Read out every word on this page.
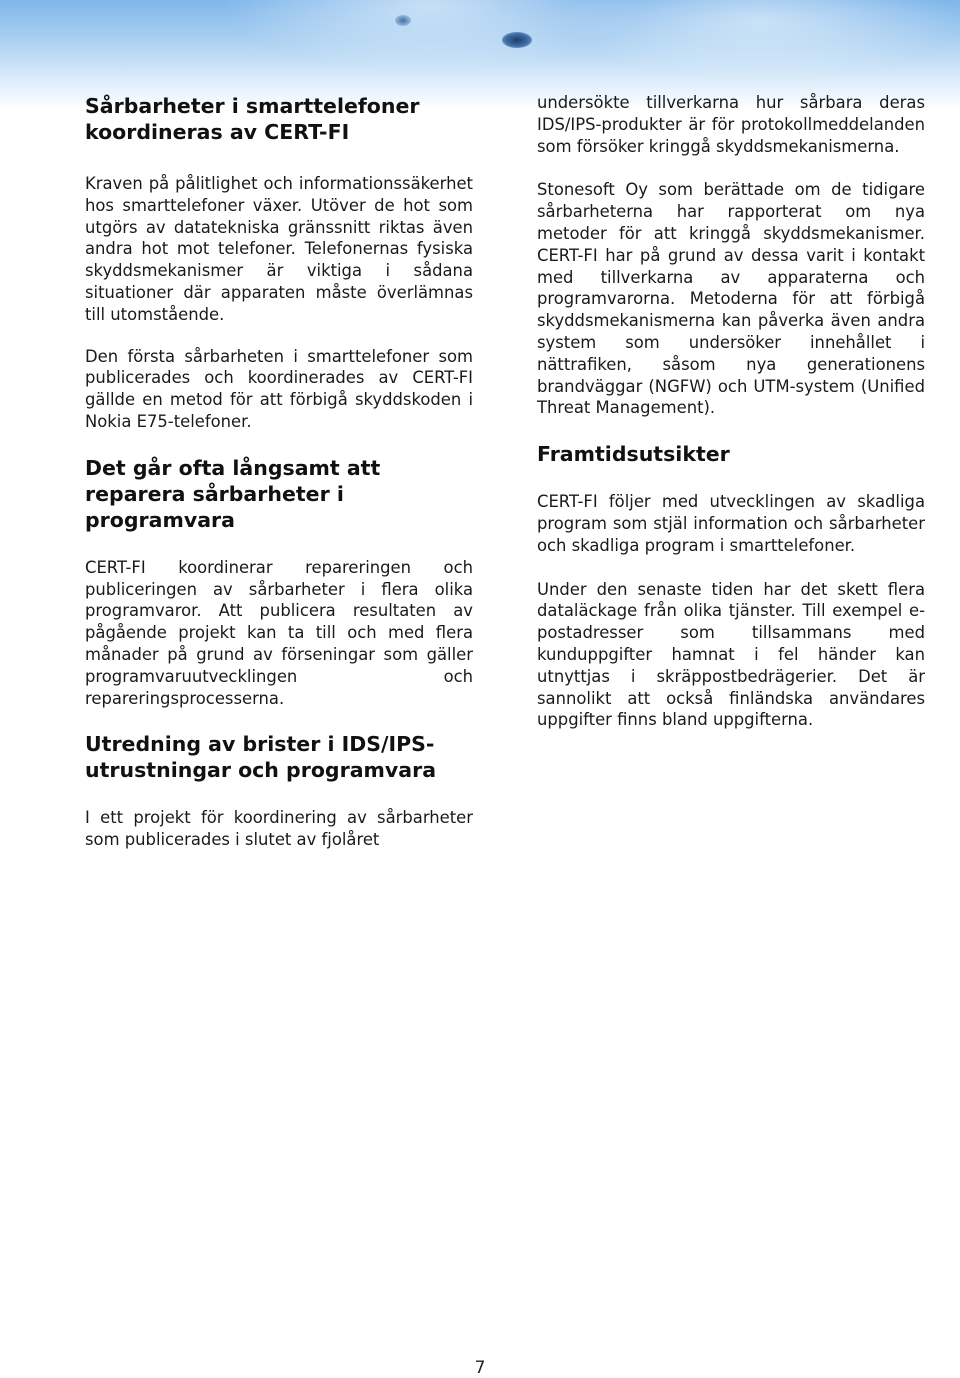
Sårbarheter i smarttelefoner koordineras av CERT-FI

Kraven på pålitlighet och informationssäkerhet hos smarttelefoner växer. Utöver de hot som utgörs av datatekniska gränssnitt riktas även andra hot mot telefoner. Telefonernas fysiska skyddsmekanismer är viktiga i sådana situationer där apparaten måste överlämnas till utomstående.

Den första sårbarheten i smarttelefoner som publicerades och koordinerades av CERT-FI gällde en metod för att förbigå skyddskoden i Nokia E75-telefoner.

Det går ofta långsamt att reparera sårbarheter i programvara

CERT-FI koordinerar repareringen och publiceringen av sårbarheter i flera olika programvaror. Att publicera resultaten av pågående projekt kan ta till och med flera månader på grund av förseningar som gäller programvaruutvecklingen och repareringsprocesserna.

Utredning av brister i IDS/IPS-utrustningar och programvara

I ett projekt för koordinering av sårbarheter som publicerades i slutet av fjolåret

undersökte tillverkarna hur sårbara deras IDS/IPS-produkter är för protokollmeddelanden som försöker kringgå skyddsmekanismerna.

Stonesoft Oy som berättade om de tidigare sårbarheterna har rapporterat om nya metoder för att kringgå skyddsmekanismer. CERT-FI har på grund av dessa varit i kontakt med tillverkarna av apparaterna och programvarorna. Metoderna för att förbigå skyddsmekanismerna kan påverka även andra system som undersöker innehållet i nättrafiken, såsom nya generationens brandväggar (NGFW) och UTM-system (Unified Threat Management).

Framtidsutsikter

CERT-FI följer med utvecklingen av skadliga program som stjäl information och sårbarheter och skadliga program i smarttelefoner.

Under den senaste tiden har det skett flera dataläckage från olika tjänster. Till exempel e-postadresser som tillsammans med kunduppgifter hamnat i fel händer kan utnyttjas i skräppostbedrägerier. Det är sannolikt att också finländska användares uppgifter finns bland uppgifterna.

7
